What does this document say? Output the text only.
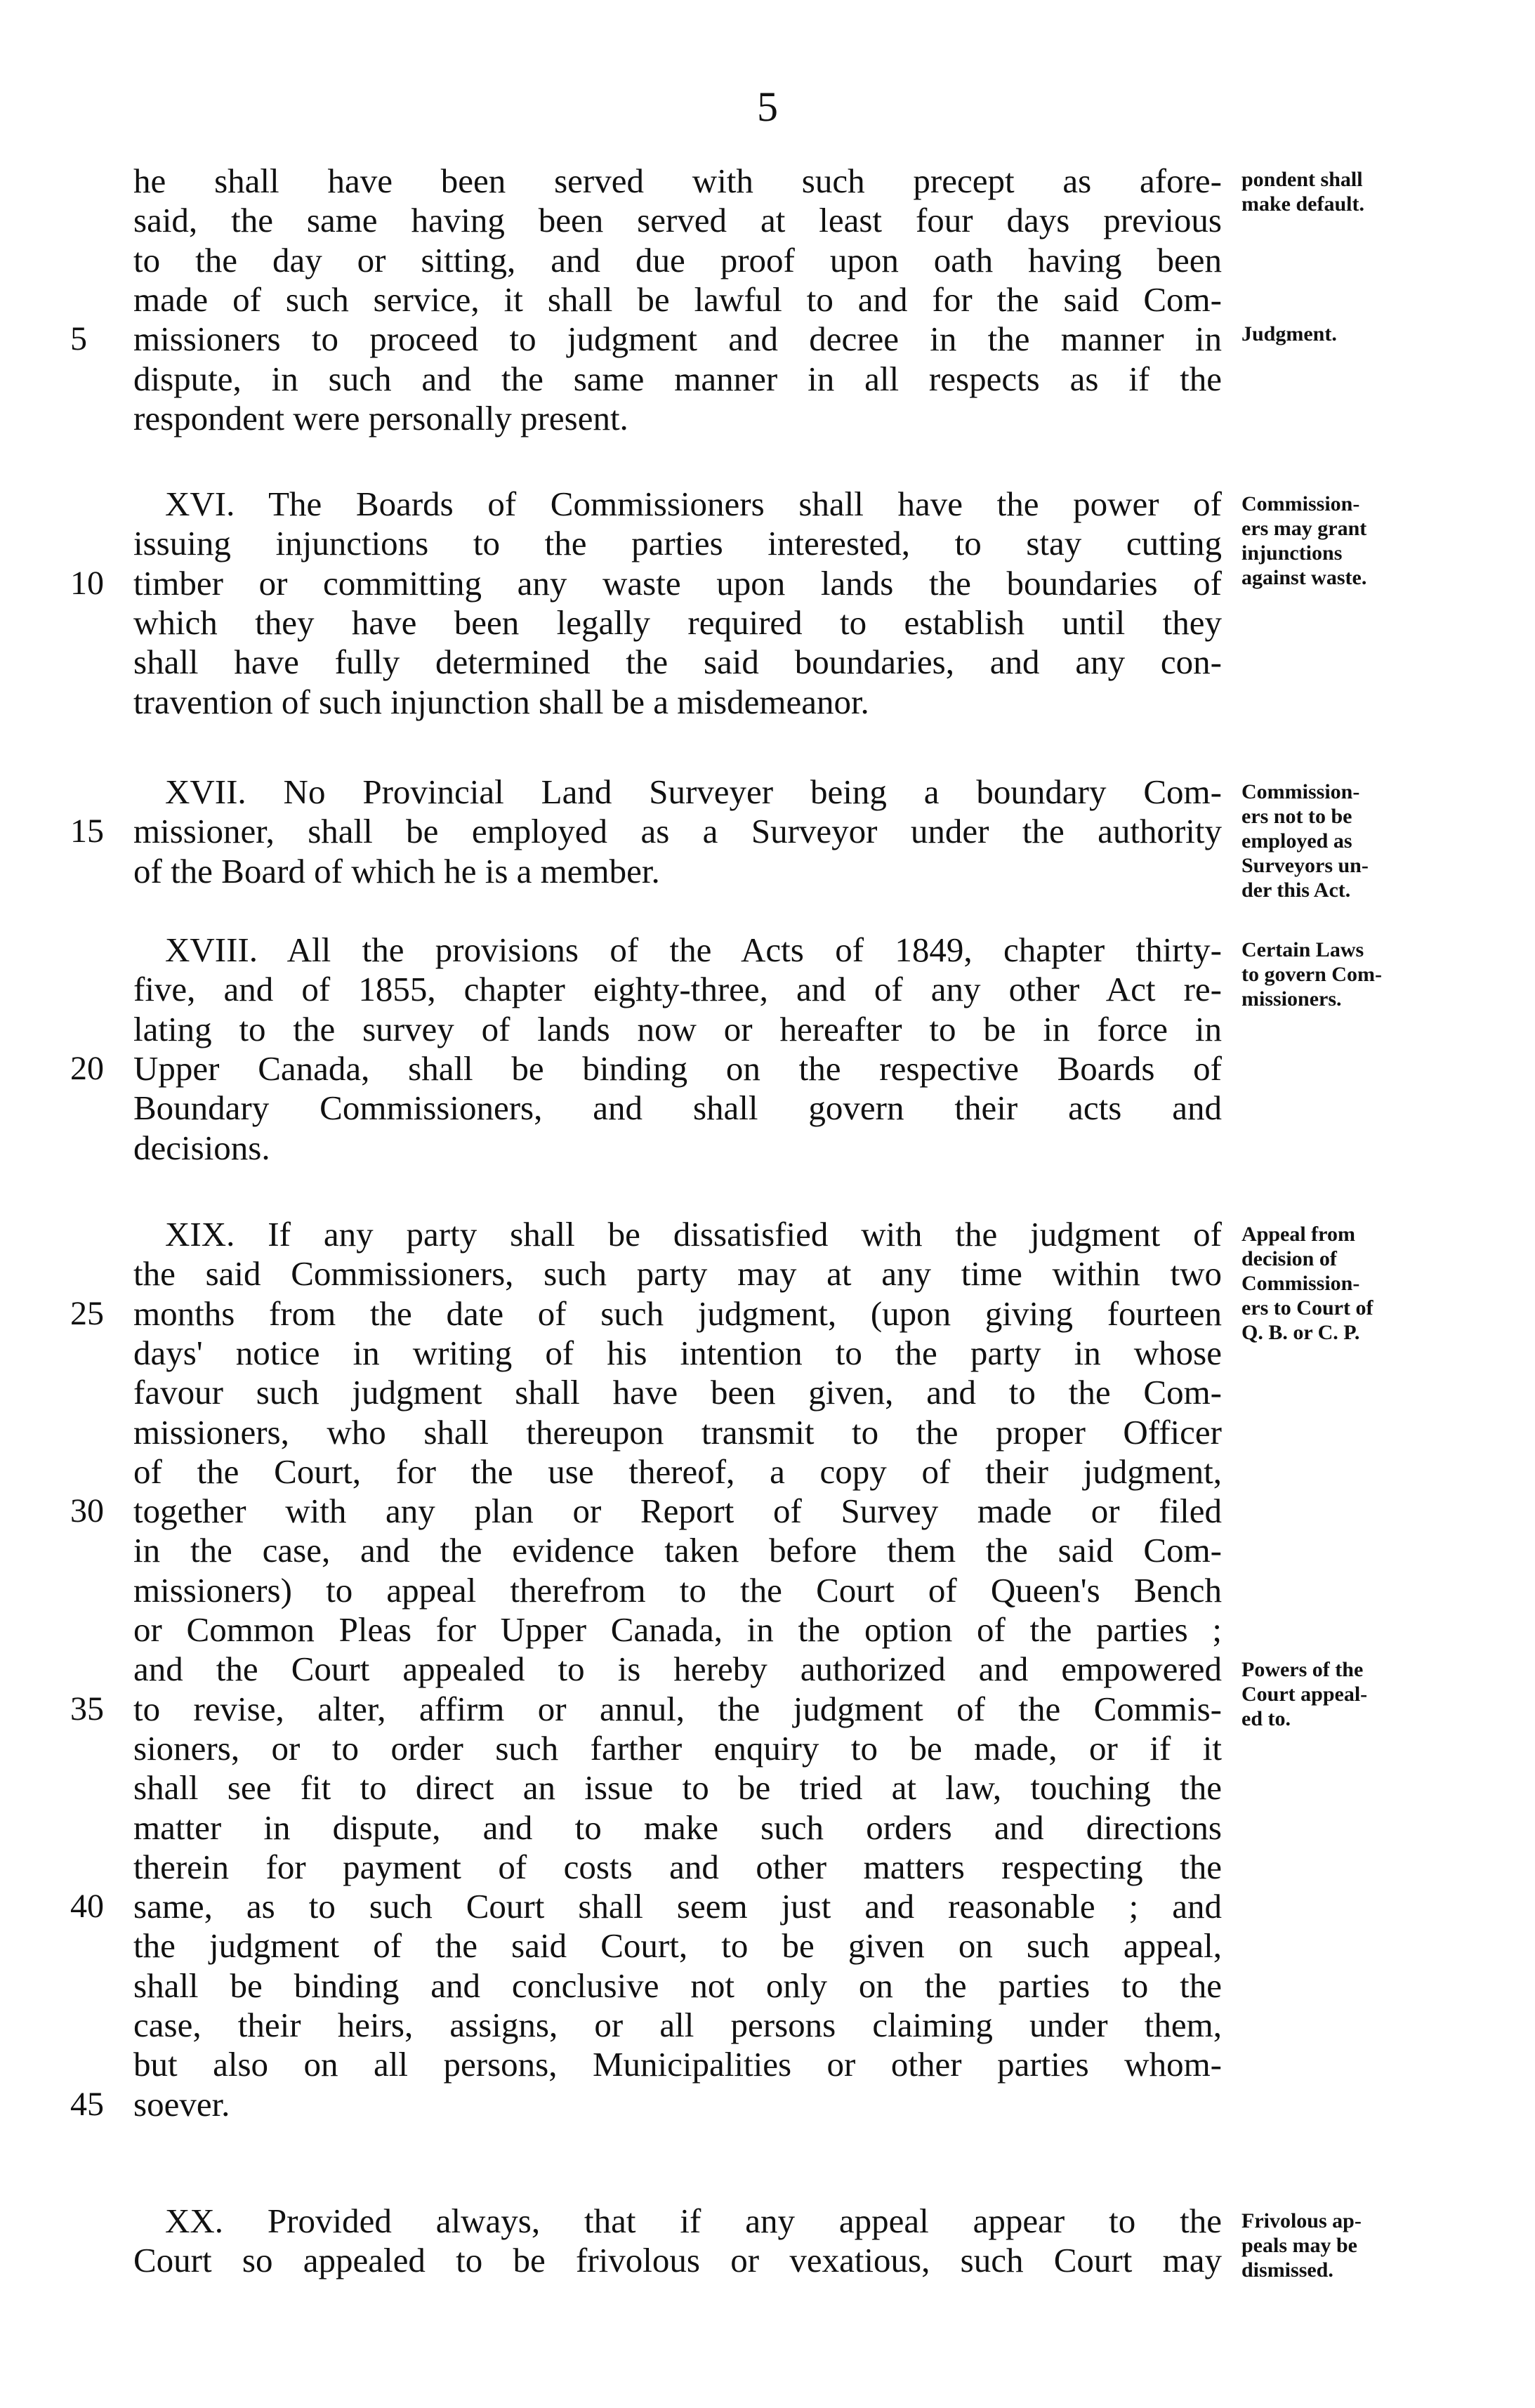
5
he shall have been served with such precept as afore-
said, the same having been served at least four days previous
to the day or sitting, and due proof upon oath having been
made of such service, it shall be lawful to and for the said Com-
missioners to proceed to judgment and decree in the manner in
5
dispute, in such and the same manner in all respects as if the
respondent were personally present.
pondent shall
make default.
Judgment.
XVI. The Boards of Commissioners shall have the power of
issuing injunctions to the parties interested, to stay cutting
timber or committing any waste upon lands the boundaries of
10
which they have been legally required to establish until they
shall have fully determined the said boundaries, and any con-
travention of such injunction shall be a misdemeanor.
Commission-
ers may grant
injunctions
against waste.
XVII. No Provincial Land Surveyer being a boundary Com-
missioner, shall be employed as a Surveyor under the authority
15
of the Board of which he is a member.
Commission-
ers not to be
employed as
Surveyors un-
der this Act.
XVIII. All the provisions of the Acts of 1849, chapter thirty-
five, and of 1855, chapter eighty-three, and of any other Act re-
lating to the survey of lands now or hereafter to be in force in
Upper Canada, shall be binding on the respective Boards of
20
Boundary Commissioners, and shall govern their acts and
decisions.
Certain Laws
to govern Com-
missioners.
XIX. If any party shall be dissatisfied with the judgment of
the said Commissioners, such party may at any time within two
months from the date of such judgment, (upon giving fourteen
25
days' notice in writing of his intention to the party in whose
favour such judgment shall have been given, and to the Com-
missioners, who shall thereupon transmit to the proper Officer
of the Court, for the use thereof, a copy of their judgment,
together with any plan or Report of Survey made or filed
30
in the case, and the evidence taken before them the said Com-
missioners) to appeal therefrom to the Court of Queen's Bench
or Common Pleas for Upper Canada, in the option of the parties ;
and the Court appealed to is hereby authorized and empowered
to revise, alter, affirm or annul, the judgment of the Commis-
35
sioners, or to order such farther enquiry to be made, or if it
shall see fit to direct an issue to be tried at law, touching the
matter in dispute, and to make such orders and directions
therein for payment of costs and other matters respecting the
same, as to such Court shall seem just and reasonable ; and
40
the judgment of the said Court, to be given on such appeal,
shall be binding and conclusive not only on the parties to the
case, their heirs, assigns, or all persons claiming under them,
but also on all persons, Municipalities or other parties whom-
soever.
45
Appeal from
decision of
Commission-
ers to Court of
Q. B. or C. P.
Powers of the
Court appeal-
ed to.
XX. Provided always, that if any appeal appear to the
Court so appealed to be frivolous or vexatious, such Court may
Frivolous ap-
peals may be
dismissed.
